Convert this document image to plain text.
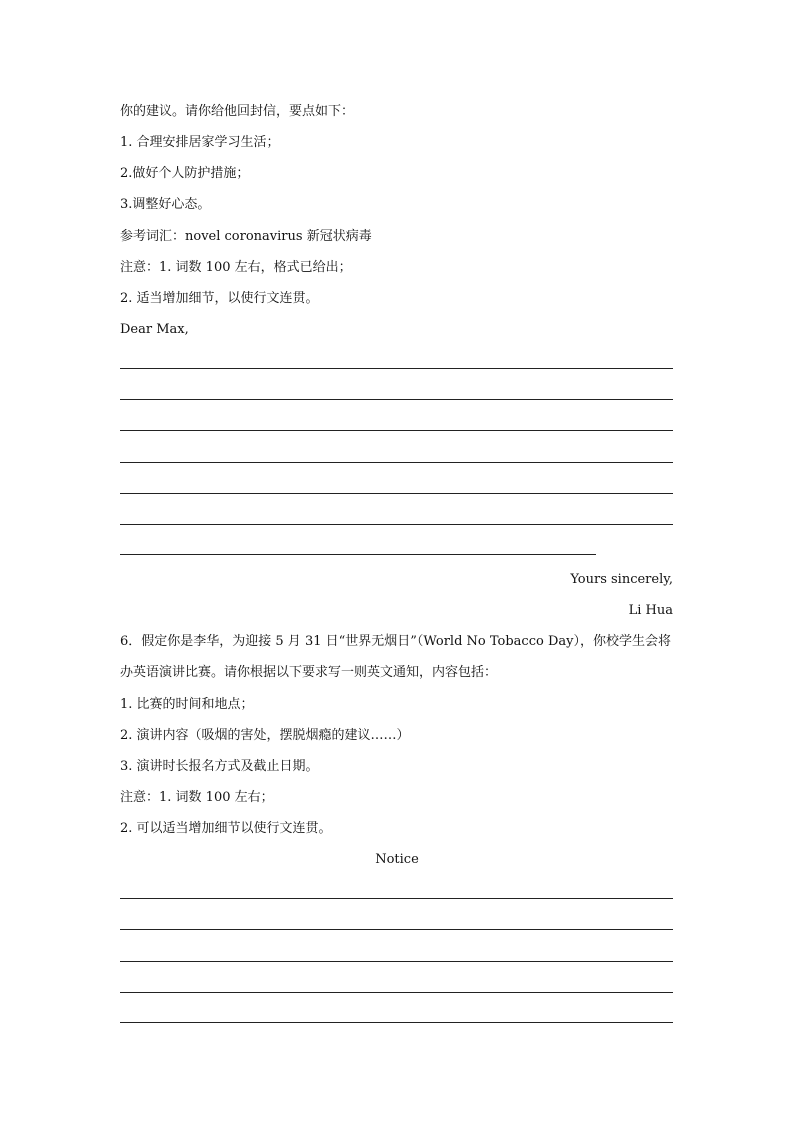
你的建议。请你给他回封信，要点如下：
1. 合理安排居家学习生活；
2.做好个人防护措施；
3.调整好心态。
参考词汇：novel coronavirus 新冠状病毒
注意：1. 词数 100 左右，格式已给出；
2. 适当增加细节，以使行文连贯。
Dear Max,
Yours sincerely,
Li Hua
6．假定你是李华，为迎接 5 月 31 日“世界无烟日”（World No Tobacco Day），你校学生会将
办英语演讲比赛。请你根据以下要求写一则英文通知，内容包括：
1. 比赛的时间和地点；
2. 演讲内容（吸烟的害处，摆脱烟瘾的建议……）
3. 演讲时长报名方式及截止日期。
注意：1. 词数 100 左右；
2. 可以适当增加细节以使行文连贯。
Notice
